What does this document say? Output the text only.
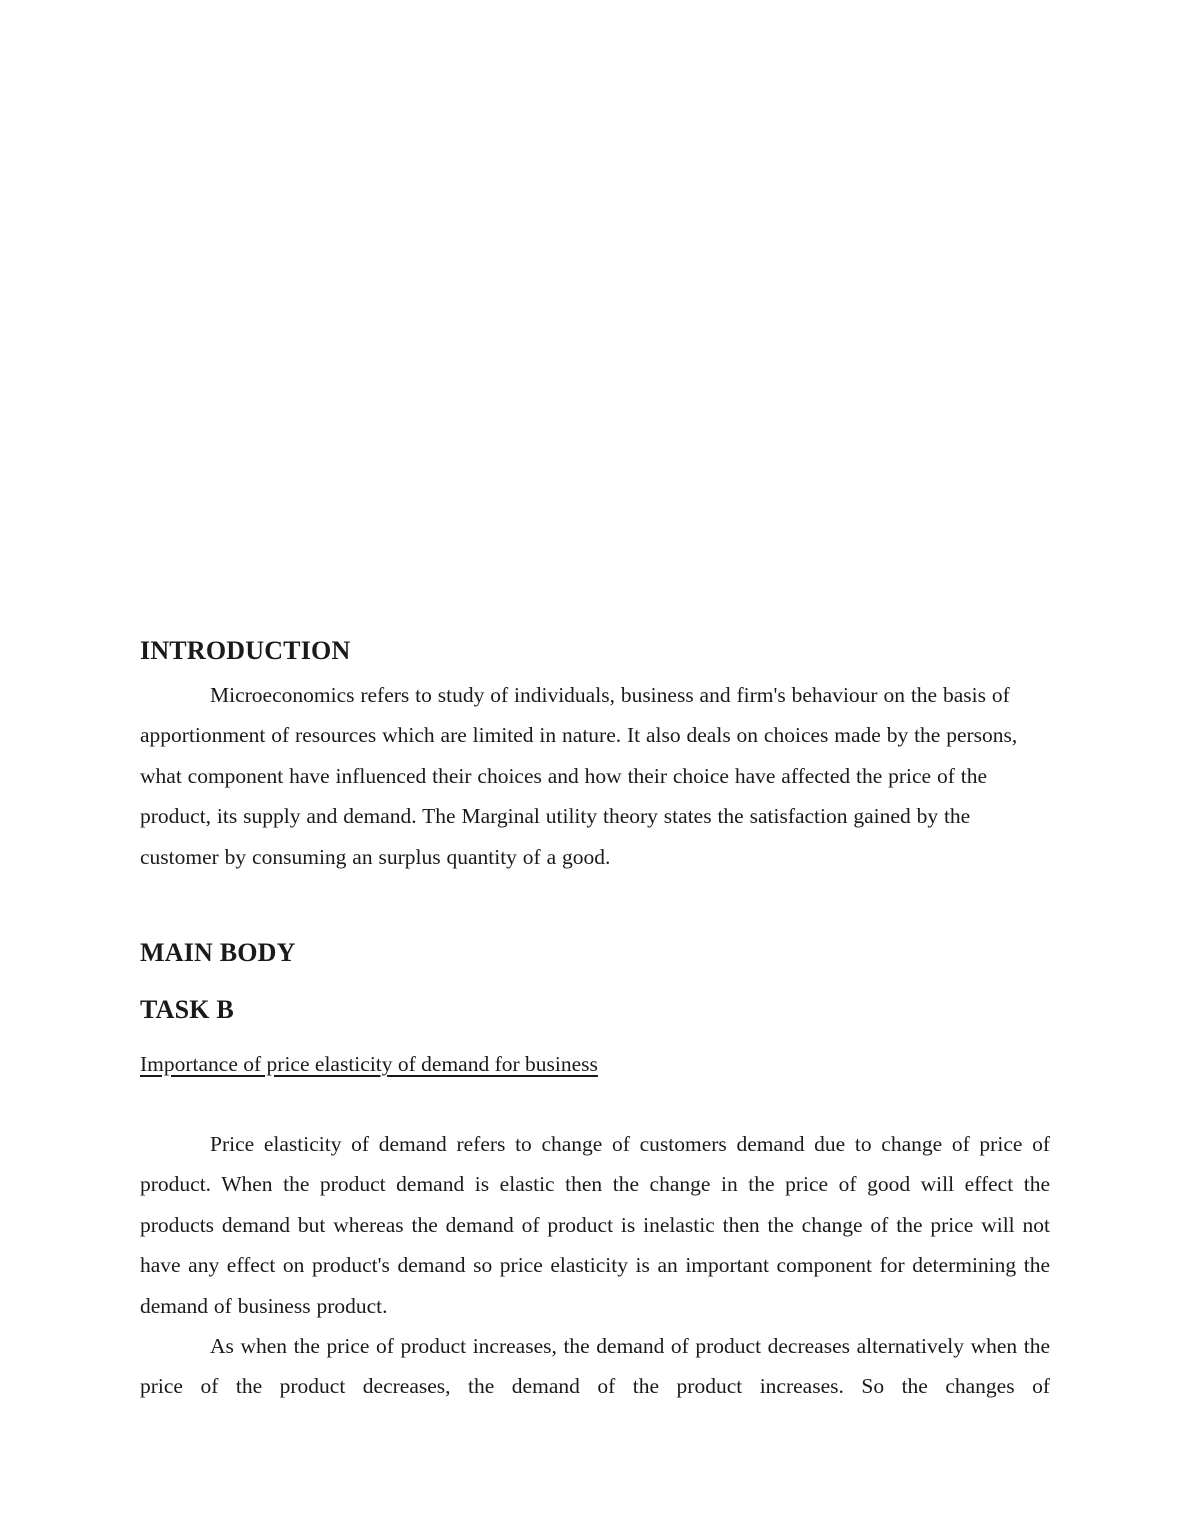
INTRODUCTION

Microeconomics refers to study of individuals, business and firm's behaviour on the basis of apportionment of resources which are limited in nature. It also deals on choices made by the persons, what component have influenced their choices and how their choice have affected the price of the product, its supply and demand. The Marginal utility theory states the satisfaction gained by the customer by consuming an surplus quantity of a good.

MAIN BODY
TASK B

Importance of price elasticity of demand for business

Price elasticity of demand refers to change of customers demand due to change of price of product. When the product demand is elastic then the change in the price of good will effect the products demand but whereas the demand of product is inelastic then the change of the price will not have any effect on product's demand so price elasticity is an important component for determining the demand of business product.

As when the price of product increases, the demand of product decreases alternatively when the price of the product decreases, the demand of the product increases. So the changes of
